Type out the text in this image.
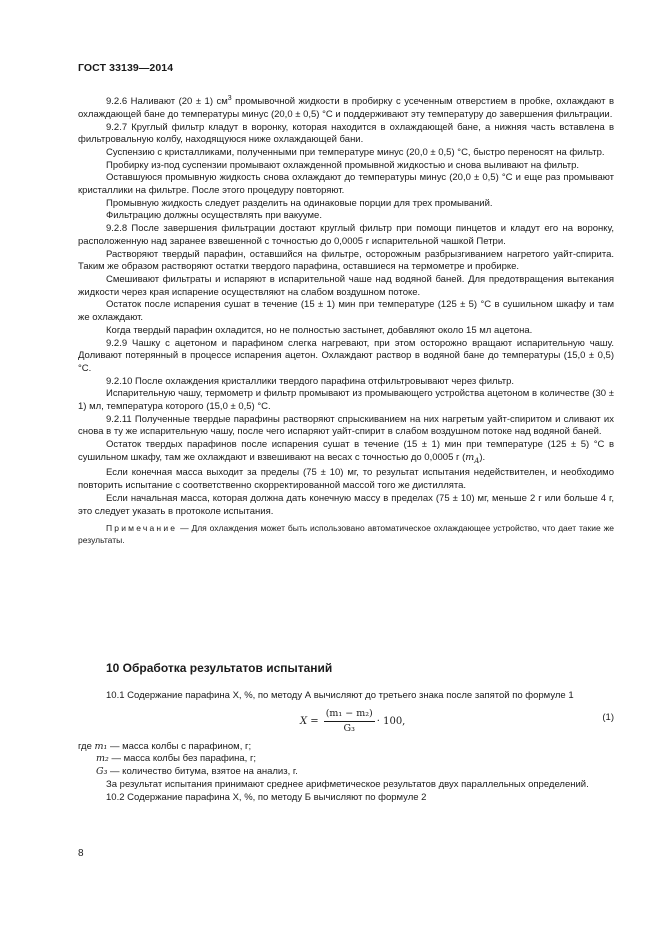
ГОСТ 33139—2014

9.2.6 Наливают (20 ± 1) $см^3$ промывочной жидкости в пробирку с усеченным отверстием в пробке, охлаждают в охлаждающей бане до температуры минус (20,0 ± 0,5) °С и поддерживают эту температуру до завершения фильтрации.

9.2.7 Круглый фильтр кладут в воронку, которая находится в охлаждающей бане, а нижняя часть вставлена в фильтровальную колбу, находящуюся ниже охлаждающей бани.

Суспензию с кристалликами, полученными при температуре минус (20,0 ± 0,5) °С, быстро переносят на фильтр.

Пробирку из-под суспензии промывают охлажденной промывной жидкостью и снова выливают на фильтр.

Оставшуюся промывную жидкость снова охлаждают до температуры минус (20,0 ± 0,5) °С и еще раз промывают кристаллики на фильтре. После этого процедуру повторяют.

Промывную жидкость следует разделить на одинаковые порции для трех промываний.

Фильтрацию должны осуществлять при вакууме.

9.2.8 После завершения фильтрации достают круглый фильтр при помощи пинцетов и кладут его на воронку, расположенную над заранее взвешенной с точностью до 0,0005 г испарительной чашкой Петри.

Растворяют твердый парафин, оставшийся на фильтре, осторожным разбрызгиванием нагретого уайт-спирита. Таким же образом растворяют остатки твердого парафина, оставшиеся на термометре и пробирке.

Смешивают фильтраты и испаряют в испарительной чаше над водяной баней. Для предотвращения вытекания жидкости через края испарение осуществляют на слабом воздушном потоке.

Остаток после испарения сушат в течение (15 ± 1) мин при температуре (125 ± 5) °С в сушильном шкафу и там же охлаждают.

Когда твердый парафин охладится, но не полностью застынет, добавляют около 15 мл ацетона.

9.2.9 Чашку с ацетоном и парафином слегка нагревают, при этом осторожно вращают испарительную чашу. Доливают потерянный в процессе испарения ацетон. Охлаждают раствор в водяной бане до температуры (15,0 ± 0,5) °С.

9.2.10 После охлаждения кристаллики твердого парафина отфильтровывают через фильтр.

Испарительную чашу, термометр и фильтр промывают из промывающего устройства ацетоном в количестве (30 ± 1) мл, температура которого (15,0 ± 0,5) °С.

9.2.11 Полученные твердые парафины растворяют спрыскиванием на них нагретым уайт-спиритом и сливают их снова в ту же испарительную чашу, после чего испаряют уайт-спирит в слабом воздушном потоке над водяной баней.

Остаток твердых парафинов после испарения сушат в течение (15 ± 1) мин при температуре (125 ± 5) °С в сушильном шкафу, там же охлаждают и взвешивают на весах с точностью до 0,0005 г $(m_A)$.

Если конечная масса выходит за пределы (75 ± 10) мг, то результат испытания недействителен, и необходимо повторить испытание с соответственно скорректированной массой того же дистиллята.

Если начальная масса, которая должна дать конечную массу в пределах (75 ± 10) мг, меньше 2 г или больше 4 г, это следует указать в протоколе испытания.

Примечание — Для охлаждения может быть использовано автоматическое охлаждающее устройство, что дает такие же результаты.

10 Обработка результатов испытаний

10.1 Содержание парафина X, %, по методу А вычисляют до третьего знака после запятой по формуле 1

$X = \frac{\text{(m₁ − m₂)}}{\text{G₃}} \cdot 100$,	(1)

где m₁ — масса колбы с парафином, г;

m₂ — масса колбы без парафина, г;

G₃ — количество битума, взятое на анализ, г.

За результат испытания принимают среднее арифметическое результатов двух параллельных определений.

10.2 Содержание парафина X, %, по методу Б вычисляют по формуле 2

8
